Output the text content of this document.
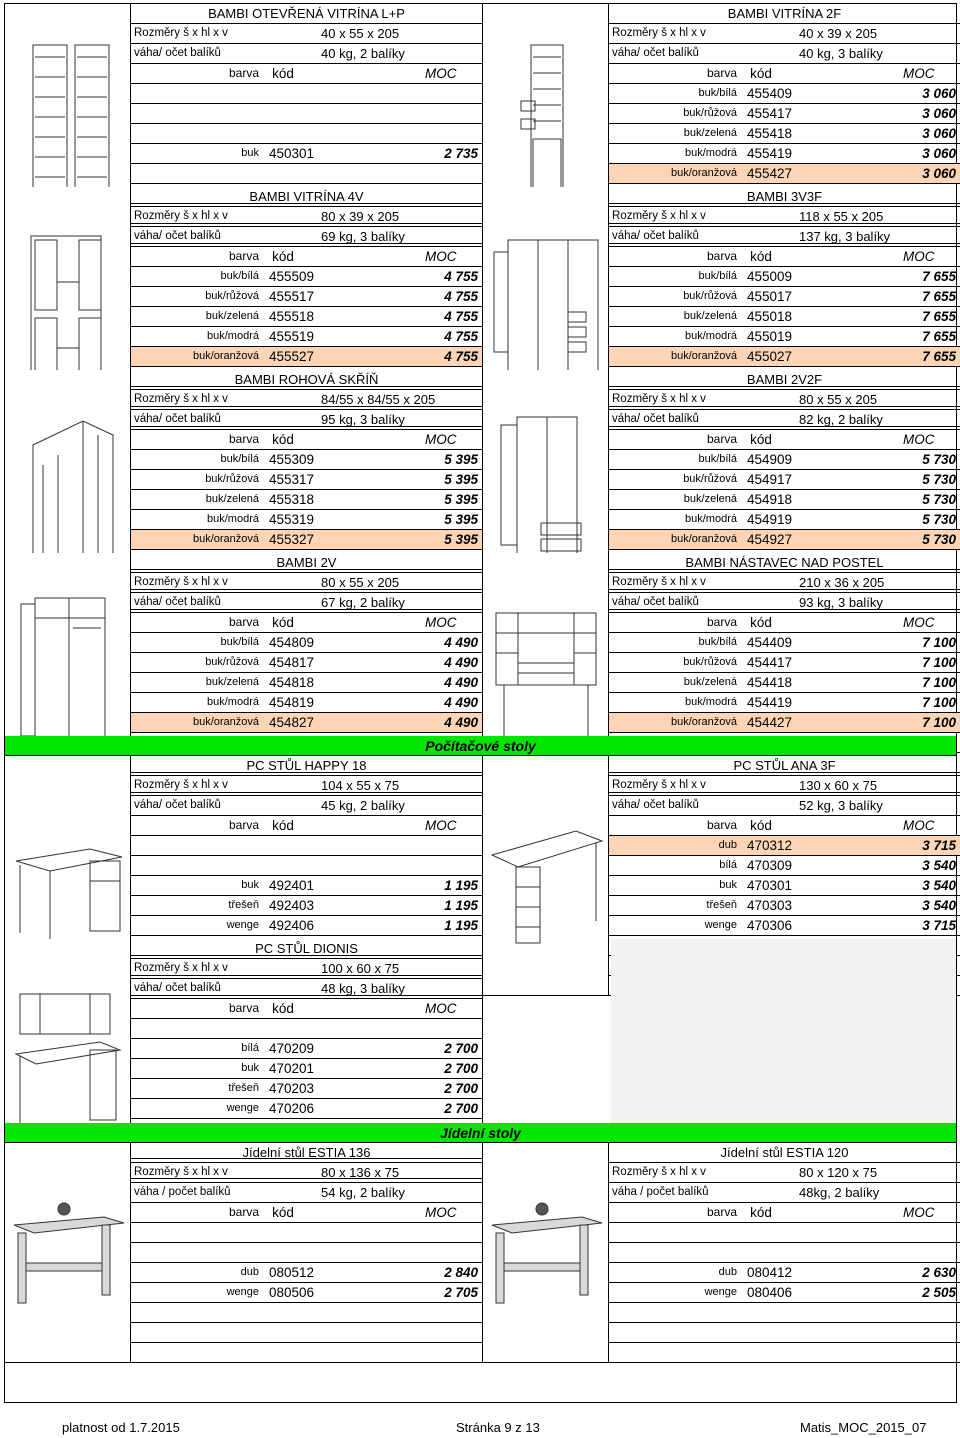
BAMBI OTEVŘENÁ VITRÍNA L+P
Rozměry š x hl x v	40 x 55 x 205
váha/ očet balíků	40 kg, 2 balíky
barva kód	MOC
buk 450301	2 735
BAMBI VITRÍNA 2F
Rozměry š x hl x v	40 x 39 x 205
váha/ očet balíků	40 kg, 3 balíky
barva kód	MOC
buk/bílá 455409	3 060
buk/růžová 455417	3 060
buk/zelená 455418	3 060
buk/modrá 455419	3 060
buk/oranžová 455427	3 060
BAMBI VITRÍNA 4V
Rozměry š x hl x v	80 x 39 x 205
váha/ očet balíků	69 kg, 3 balíky
barva kód	MOC
buk/bílá 455509	4 755
buk/růžová 455517	4 755
buk/zelená 455518	4 755
buk/modrá 455519	4 755
buk/oranžová 455527	4 755
BAMBI 3V3F
Rozměry š x hl x v	118 x 55 x 205
váha/ očet balíků	137 kg, 3 balíky
barva kód	MOC
buk/bílá 455009	7 655
buk/růžová 455017	7 655
buk/zelená 455018	7 655
buk/modrá 455019	7 655
buk/oranžová 455027	7 655
BAMBI ROHOVÁ SKŘÍŇ
Rozměry š x hl x v	84/55 x 84/55 x 205
váha/ očet balíků	95 kg, 3 balíky
barva kód	MOC
buk/bílá 455309	5 395
buk/růžová 455317	5 395
buk/zelená 455318	5 395
buk/modrá 455319	5 395
buk/oranžová 455327	5 395
BAMBI 2V2F
Rozměry š x hl x v	80 x 55 x 205
váha/ očet balíků	82 kg, 2 balíky
barva kód	MOC
buk/bílá 454909	5 730
buk/růžová 454917	5 730
buk/zelená 454918	5 730
buk/modrá 454919	5 730
buk/oranžová 454927	5 730
BAMBI 2V
Rozměry š x hl x v	80 x 55 x 205
váha/ očet balíků	67 kg, 2 balíky
barva kód	MOC
buk/bílá 454809	4 490
buk/růžová 454817	4 490
buk/zelená 454818	4 490
buk/modrá 454819	4 490
buk/oranžová 454827	4 490
BAMBI NÁSTAVEC NAD POSTEL
Rozměry š x hl x v	210 x 36 x 205
váha/ očet balíků	93 kg, 3 balíky
barva kód	MOC
buk/bílá 454409	7 100
buk/růžová 454417	7 100
buk/zelená 454418	7 100
buk/modrá 454419	7 100
buk/oranžová 454427	7 100
PC STŮL HAPPY 18
Rozměry š x hl x v	104 x 55 x 75
váha/ očet balíků	45 kg, 2 balíky
barva kód	MOC
buk 492401	1 195
třešeň 492403	1 195
wenge 492406	1 195
PC STŮL ANA 3F
Rozměry š x hl x v	130 x 60 x 75
váha/ očet balíků	52 kg, 3 balíky
barva kód	MOC
dub 470312	3 715
bílá 470309	3 540
buk 470301	3 540
třešeň 470303	3 540
wenge 470306	3 715
PC STŮL DIONIS
Rozměry š x hl x v	100 x 60 x 75
váha/ očet balíků	48 kg, 3 balíky
barva kód	MOC
bílá 470209	2 700
buk 470201	2 700
třešeň 470203	2 700
wenge 470206	2 700
Jídelní stůl ESTIA 136
Rozměry š x hl x v	80 x 136 x 75
váha / počet balíků	54 kg, 2 balíky
barva kód	MOC
dub 080512	2 840
wenge 080506	2 705
Jídelní stůl ESTIA 120
Rozměry š x hl x v	80 x 120 x 75
váha / počet balíků	48kg, 2 balíky
barva kód	MOC
dub 080412	2 630
wenge 080406	2 505
Počítačové stoly
Jídelní stoly
platnost od 1.7.2015	Stránka 9 z 13	Matis_MOC_2015_07
